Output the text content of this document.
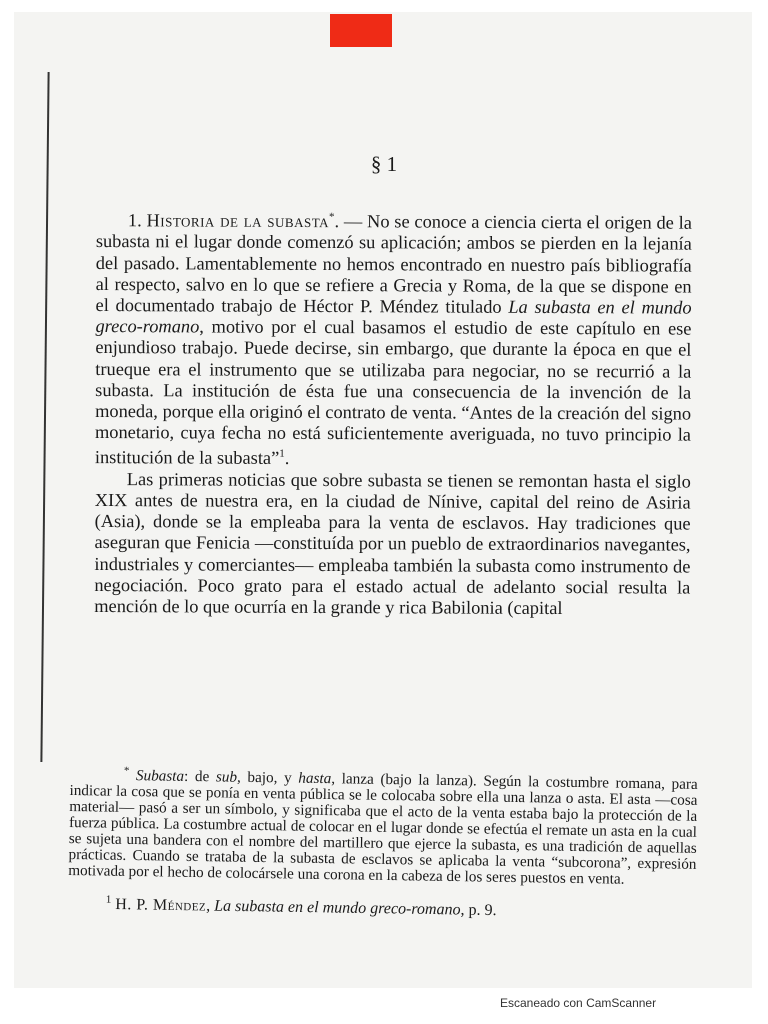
§ 1

1. Historia de la subasta*. — No se conoce a ciencia cierta el origen de la subasta ni el lugar donde comenzó su aplicación; ambos se pierden en la lejanía del pasado. Lamentablemente no hemos encontrado en nuestro país bibliografía al respecto, salvo en lo que se refiere a Grecia y Roma, de la que se dispone en el documentado trabajo de Héctor P. Méndez titulado La subasta en el mundo greco-romano, motivo por el cual basamos el estudio de este capítulo en ese enjundioso trabajo. Puede decirse, sin embargo, que durante la época en que el trueque era el instrumento que se utilizaba para negociar, no se recurrió a la subasta. La institución de ésta fue una consecuencia de la invención de la moneda, porque ella originó el contrato de venta. “Antes de la creación del signo monetario, cuya fecha no está suficientemente averiguada, no tuvo principio la institución de la subasta”$^1$.

Las primeras noticias que sobre subasta se tienen se remontan hasta el siglo XIX antes de nuestra era, en la ciudad de Nínive, capital del reino de Asiria (Asia), donde se la empleaba para la venta de esclavos. Hay tradiciones que aseguran que Fenicia —constituída por un pueblo de extraordinarios navegantes, industriales y comerciantes— empleaba también la subasta como instrumento de negociación. Poco grato para el estado actual de adelanto social resulta la mención de lo que ocurría en la grande y rica Babilonia (capital

* Subasta: de sub, bajo, y hasta, lanza (bajo la lanza). Según la costumbre romana, para indicar la cosa que se ponía en venta pública se le colocaba sobre ella una lanza o asta. El asta —cosa material— pasó a ser un símbolo, y significaba que el acto de la venta estaba bajo la protección de la fuerza pública. La costumbre actual de colocar en el lugar donde se efectúa el remate un asta en la cual se sujeta una bandera con el nombre del martillero que ejerce la subasta, es una tradición de aquellas prácticas. Cuando se trataba de la subasta de esclavos se aplicaba la venta “subcorona”, expresión motivada por el hecho de colocársele una corona en la cabeza de los seres puestos en venta.

$^1$ H. P. Méndez, La subasta en el mundo greco-romano, p. 9.

Escaneado con CamScanner
